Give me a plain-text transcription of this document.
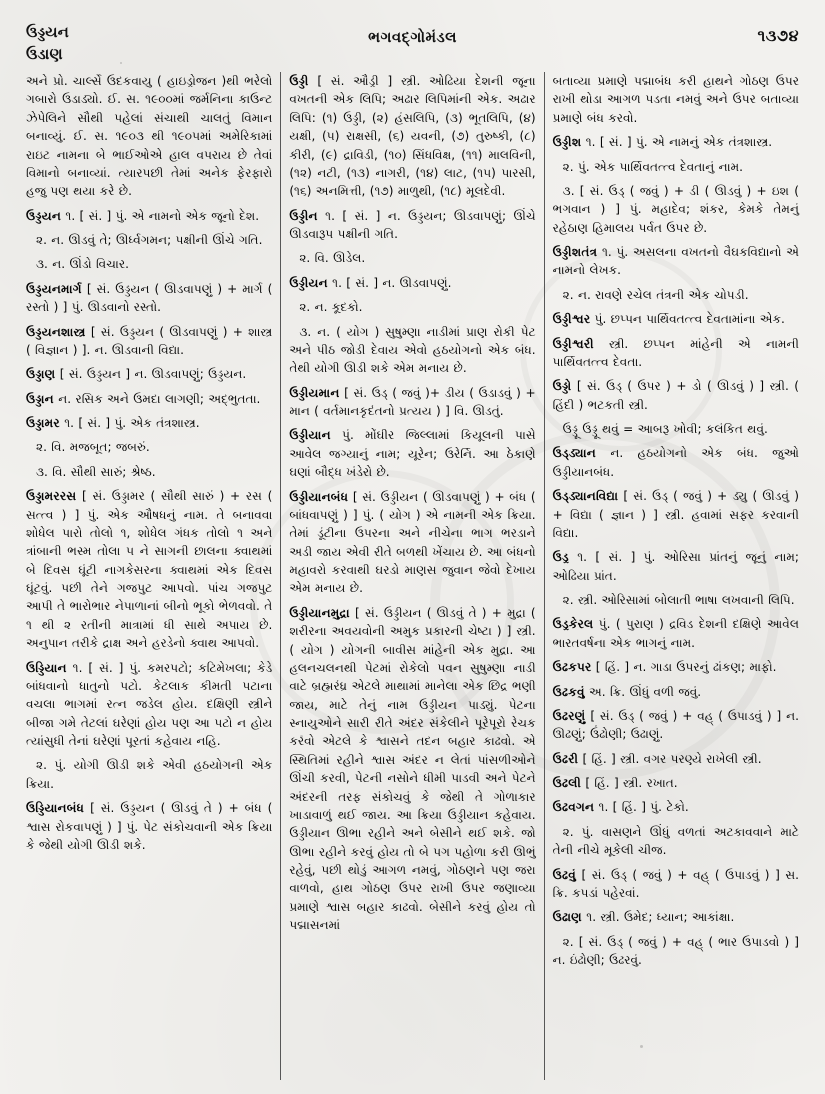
ઉડ્ડયન
ઉડાણ
ભગવદ્ગોમંડલ	૧૩૭૪

અને પ્રો. ચાર્લ્સે ઉદકવાયુ ( હાઇડ્રોજન )થી ભરેલો ગબારો ઉડાડ્યો. ઈ. સ. ૧૯૦૦માં જર્મનિના કાઉન્ટ ઝેપેલિને સૌથી પહેલાં સંચાથી ચાલતું વિમાન બનાવ્યું. ઈ. સ. ૧૯૦૩ થી ૧૯૦૫માં અમેરિકામાં રાઇટ નામના બે ભાઈઓએ હાલ વપરાય છે તેવાં વિમાનો બનાવ્યાં. ત્યારપછી તેમાં અનેક ફેરફારો હજુ પણ થયા કરે છે.

ઉડ્ડયન ૧. [ સં. ] પું. એ નામનો એક જૂનો દેશ.

૨. ન. ઊડવું તે; ઊર્ધ્વગમન; પક્ષીની ઊંચે ગતિ.

૩. ન. ઊંડો વિચાર.

ઉડ્ડયનમાર્ગ [ સં. ઉડ્ડયન ( ઊડવાપણું ) + માર્ગ ( રસ્તો ) ] પું. ઊડવાનો રસ્તો.

ઉડ્ડયનશાસ્ત્ર [ સં. ઉડ્ડયન ( ઊડવાપણું ) + શાસ્ત્ર ( વિજ્ઞાન ) ]. ન. ઊડવાની વિદ્યા.

ઉડ્ડાણ [ સં. ઉડ્ડયન ] ન. ઊડવાપણું; ઉડ્ડયન.

ઉડ્ડાન ન. રસિક અને ઉમદા લાગણી; અદ્‌ભુતતા.

ઉડ્ડામર ૧. [ સં. ] પું. એક તંત્રશાસ્ત્ર.

૨. વિ. મજબૂત; જબરું.

૩. વિ. સૌથી સારું; શ્રેષ્ઠ.

ઉડ્ડામરરસ [ સં. ઉડ્ડામર ( સૌથી સારું ) + રસ ( સત્ત્વ ) ] પું. એક ઔષધનું નામ. તે બનાવવા શોધેલ પારો તોલો ૧, શોધેલ ગંધક તોલો ૧ અને ત્રાંબાની ભસ્મ તોલા ૫ ને સાગની છાલના ક્વાથમાં બે દિવસ ઘૂંટી નાગકેસરના ક્વાથમાં એક દિવસ ઘૂંટવું. પછી તેને ગજપુટ આપવો. પાંચ ગજપુટ આપી તે ભારોભાર નેપાળાનાં બીનો ભૂકો ભેળવવો. તે ૧ થી ૨ રતીની માત્રામાં ધી સાથે અપાય છે. અનુપાન તરીકે દ્રાક્ષ અને હરડેનો ક્વાથ આપવો.

ઉડ્ડિયાન ૧. [ સં. ] પું. કમરપટો; કટિમેખલા; કેડે બાંધવાનો ધાતુનો પટો. કેટલાક કીમતી પટાના વચલા ભાગમાં રત્ન જડેલ હોય. દક્ષિણી સ્ત્રીને બીજા ગમે તેટલાં ઘરેણાં હોય પણ આ પટો ન હોય ત્યાંસુધી તેનાં ઘરેણાં પૂરતાં કહેવાય નહિ.

૨. પું. યોગી ઊડી શકે એવી હઠયોગની એક ક્રિયા.

ઉડ્ડિયાનબંધ [ સં. ઉડ્ડયન ( ઊડવું તે ) + બંધ ( શ્વાસ રોકવાપણું ) ] પું. પેટ સંકોચવાની એક ક્રિયા કે જેથી યોગી ઊડી શકે.

ઉડ્ડી [ સં. ઔડ્રી ] સ્ત્રી. ઓઢિયા દેશની જૂના વખતની એક લિપિ; અઢાર લિપિમાંની એક. અઢાર લિપિ: (૧) ઉડ્ડી, (૨) હંસલિપિ, (૩) ભૂતલિપિ, (૪) યક્ષી, (૫) રાક્ષસી, (૬) યવની, (૭) તુરુષ્કી, (૮) કીરી, (૯) દ્રાવિડી, (૧૦) સિંધવિક્ષ, (૧૧) માલવિની, (૧૨) નટી, (૧૩) નાગરી, (૧૪) લાટ, (૧૫) પારસી, (૧૬) અનમિત્તી, (૧૭) માળુથી, (૧૮) મૂલદેવી.

ઉડ્ડીન ૧. [ સં. ] ન. ઉડ્ડયન; ઊડવાપણું; ઊંચે ઊડવારૂપ પક્ષીની ગતિ.

૨. વિ. ઊડેલ.

ઉડ્ડીયન ૧. [ સં. ] ન. ઊડવાપણું.

૨. ન. કૂદકો.

૩. ન. ( યોગ ) સુષુમ્ણા નાડીમાં પ્રાણ રોકી પેટ અને પીઠ જોડી દેવાય એવો હઠયોગનો એક બંધ. તેથી યોગી ઊડી શકે એમ મનાય છે.

ઉડ્ડીયમાન [ સં. ઉડ્ ( જવું )+ ડીય ( ઉડાડવું ) + માન ( વર્તમાનકૃદંતનો પ્રત્યય ) ] વિ. ઊડતું.

ઉડ્ડીયાન પું. મોંઘીર જિલ્લામાં કિયૂલની પાસે આવેલ જગ્યાનું નામ; યૂરેન; ઉરેર્નિ. આ ઠેકાણે ઘણાં બૌદ્ધ ખંડેરો છે.

ઉડ્ડીયાનબંધ [ સં. ઉડ્ડીયન ( ઊડવાપણું ) + બંધ ( બાંધવાપણું ) ] પું. ( યોગ ) એ નામની એક ક્રિયા. તેમાં ડૂંટીના ઉપરના અને નીચેના ભાગ ભરડાને અડી જાય એવી રીતે બળથી ખેંચાય છે. આ બંધનો મહાવરો કરવાથી ઘરડો માણસ જુવાન જેવો દેખાય એમ મનાય છે.

ઉડ્ડીયાનમુદ્રા [ સં. ઉડ્ડીયન ( ઊડવું તે ) + મુદ્રા ( શરીરના અવયવોની અમુક પ્રકારની ચેષ્ટા ) ] સ્ત્રી. ( યોગ ) યોગની બાવીસ માંહેની એક મુદ્રા. આ હલનચલનથી પેટમાં રોકેલો પવન સુષુમ્ણા નાડી વાટે બ્રહ્મરંધ્ર એટલે માથામાં માનેલા એક છિદ્ર ભણી જાય, માટે તેનું નામ ઉડ્ડીયન પાડ્યું. પેટના સ્નાયુઓને સારી રીતે અંદર સંકેલીને પૂરેપૂરો રેચક કરવો એટલે કે શ્વાસને તદન બહાર કાઢવો. એ સ્થિતિમાં રહીને શ્વાસ અંદર ન લેતાં પાંસળીઓને ઊંચી કરવી, પેટની નસોને ધીમી પાડવી અને પેટને અંદરની તરફ સંકોચવું કે જેથી તે ગોળાકાર ખાડાવાળું થઈ જાય. આ ક્રિયા ઉડ્ડીયાન કહેવાય. ઉડ્ડીયાન ઊભા રહીને અને બેસીને થઈ શકે. જો ઊભા રહીને કરવું હોય તો બે પગ પહોળા કરી ઊભું રહેવું, પછી થોડું આગળ નમવું, ગોઠણને પણ જરા વાળવો, હાથ ગોઠણ ઉપર રાખી ઉપર જણાવ્યા પ્રમાણે શ્વાસ બહાર કાઢવો. બેસીને કરવું હોય તો પદ્માસનમાં

બતાવ્યા પ્રમાણે પદ્માબંધ કરી હાથને ગોઠણ ઉપર રાખી થોડા આગળ પડતા નમવું અને ઉપર બતાવ્યા પ્રમાણે બંધ કરવો.

ઉડ્ડીશ ૧. [ સં. ] પું. એ નામનું એક તંત્રશાસ્ત્ર.

૨. પું. એક પાર્થિવતત્ત્વ દેવતાનું નામ.

૩. [ સં. ઉડ્ ( જવું ) + ડી ( ઊડવું ) + ઇશ ( ભગવાન ) ] પું. મહાદેવ; શંકર, કેમકે તેમનું રહેઠાણ હિમાલય પર્વત ઉપર છે.

ઉડ્ડીશતંત્ર ૧. પું. અસલના વખતનો વૈઘકવિદ્યાનો એ નામનો લેખક.

૨. ન. રાવણે રચેલ તંત્રની એક ચોપડી.

ઉડ્ડીશ્વર પું. છપ્પન પાર્થિવતત્ત્વ દેવતામાંના એક.

ઉડ્ડીશ્વરી સ્ત્રી. છપ્પન માંહેની એ નામની પાર્થિવતત્ત્વ દેવતા.

ઉડ્ડો [ સં. ઉડ્ ( ઉપર ) + ડો ( ઊડવું ) ] સ્ત્રી. ( હિંદી ) ભટકતી સ્ત્રી.

ઉડ્ડૂ ઉડ્ડૂ થવું = આબરૂ ખોવી; કલંકિત થવું.

ઉડ્ડ્યાન ન. હઠયોગનો એક બંધ. જુઓ ઉડ્ડીયાનબંધ.

ઉડ્ડ્યાનવિદ્યા [ સં. ઉડ્ ( જવું ) + ડ્યુ ( ઊડવું ) + વિદ્યા ( જ્ઞાન ) ] સ્ત્રી. હવામાં સફર કરવાની વિદ્યા.

ઉડ્ર ૧. [ સં. ] પું. ઓરિસા પ્રાંતનું જૂનું નામ; ઓઢિયા પ્રાંત.

૨. સ્ત્રી. ઓરિસામાં બોલાતી ભાષા લખવાની લિપિ.

ઉડ્રકેરલ પું. ( પુરાણ ) દ્રવિડ દેશની દક્ષિણે આવેલ ભારતવર્ષના એક ભાગનું નામ.

ઉઢકપર [ હિં. ] ન. ગાડા ઉપરનું ઢાંકણ; માફો.

ઉઢકવું અ. ક્રિ. ઊંધું વળી જવું.

ઉઢરણું [ સં. ઉડ્ ( જવું ) + વહ્ ( ઉપાડવું ) ] ન. ઊઢણું; ઉંઢોણી; ઉઢાણું.

ઉઢરી [ હિં. ] સ્ત્રી. વગર પરણ્યે રાખેલી સ્ત્રી.

ઉઢલી [ હિં. ] સ્ત્રી. રખાત.

ઉઢવગન ૧. [ હિં. ] પું. ટેકો.

૨. પું. વાસણને ઊંધું વળતાં અટકાવવાને માટે તેની નીચે મૂકેલી ચીજ.

ઉઢવું [ સં. ઉડ્ ( જવું ) + વહ્ ( ઉપાડવું ) ] સ. ક્રિ. કપડાં પહેરવાં.

ઉઢાણ ૧. સ્ત્રી. ઉમેદ; ધ્યાન; આકાંક્ષા.

૨. [ સં. ઉડ્ ( જવું ) + વહ્ ( ભાર ઉપાડવો ) ] ન. ઇંઢોણી; ઉઢરવું.
